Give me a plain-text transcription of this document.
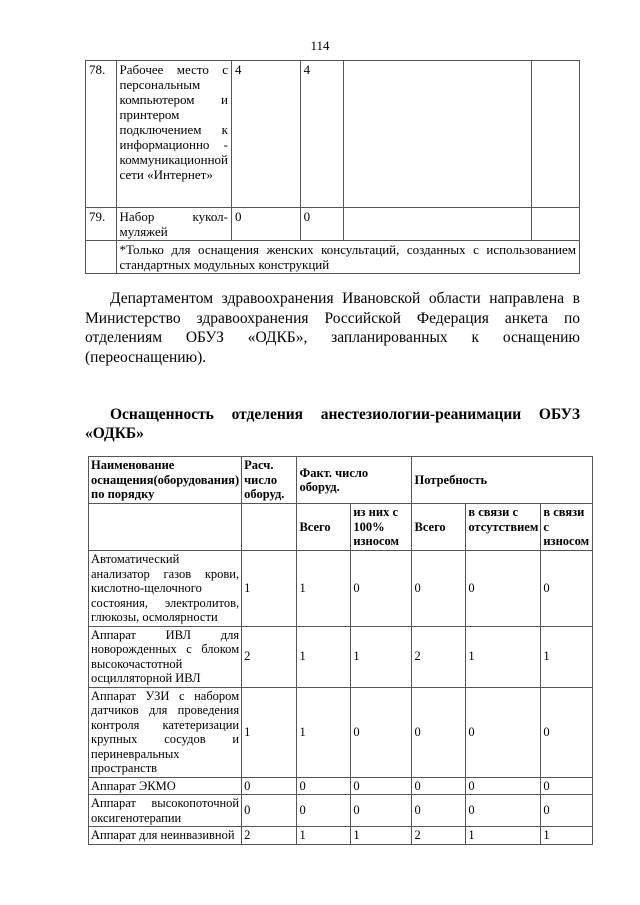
114
78.	Рабочее место с персональным компьютером и принтером подключением к информационно - коммуникационной сети «Интернет»	4	4		
79.	Набор кукол-муляжей	0	0		
	*Только для оснащения женских консультаций, созданных с использованием стандартных модульных конструкций				
Департаментом здравоохранения Ивановской области направлена в Министерство здравоохранения Российской Федерация анкета по отделениям ОБУЗ «ОДКБ», запланированных к оснащению (переоснащению).
Оснащенность отделения анестезиологии-реанимации ОБУЗ «ОДКБ»
Наименование оснащения(оборудования) по порядку	Расч. число оборуд.	Факт. число оборуд.		Потребность		
		Всего	из них с 100% износом	Всего	в связи с отсутствием	в связи с износом
Автоматический анализатор газов крови, кислотно-щелочного состояния, электролитов, глюкозы, осмолярности	1	1	0	0	0	0
Аппарат ИВЛ для новорожденных с блоком высокочастотной осцилляторной ИВЛ	2	1	1	2	1	1
Аппарат УЗИ с набором датчиков для проведения контроля катетеризации крупных сосудов и периневральных пространств	1	1	0	0	0	0
Аппарат ЭКМО	0	0	0	0	0	0
Аппарат высокопоточной оксигенотерапии	0	0	0	0	0	0
Аппарат для неинвазивной	2	1	1	2	1	1
